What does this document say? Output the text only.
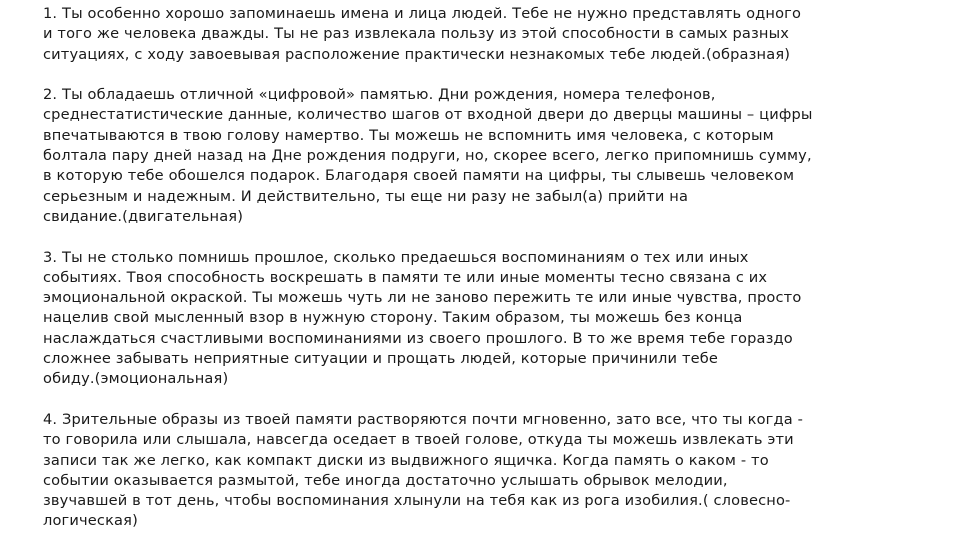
1. Ты особенно хорошо запоминаешь имена и лица людей. Тебе не нужно представлять одного
и того же человека дважды. Ты не раз извлекала пользу из этой способности в самых разных
ситуациях, с ходу завоевывая расположение практически незнакомых тебе людей.(образная)
2. Ты обладаешь отличной «цифровой» памятью. Дни рождения, номера телефонов,
среднестатистические данные, количество шагов от входной двери до дверцы машины – цифры
впечатываются в твою голову намертво. Ты можешь не вспомнить имя человека, с которым
болтала пару дней назад на Дне рождения подруги, но, скорее всего, легко припомнишь сумму,
в которую тебе обошелся подарок. Благодаря своей памяти на цифры, ты слывешь человеком
серьезным и надежным. И действительно, ты еще ни разу не забыл(а) прийти на
свидание.(двигательная)
3. Ты не столько помнишь прошлое, сколько предаешься воспоминаниям о тех или иных
событиях. Твоя способность воскрешать в памяти те или иные моменты тесно связана с их
эмоциональной окраской. Ты можешь чуть ли не заново пережить те или иные чувства, просто
нацелив свой мысленный взор в нужную сторону. Таким образом, ты можешь без конца
наслаждаться счастливыми воспоминаниями из своего прошлого. В то же время тебе гораздо
сложнее забывать неприятные ситуации и прощать людей, которые причинили тебе
обиду.(эмоциональная)
4. Зрительные образы из твоей памяти растворяются почти мгновенно, зато все, что ты когда -
то говорила или слышала, навсегда оседает в твоей голове, откуда ты можешь извлекать эти
записи так же легко, как компакт диски из выдвижного ящичка. Когда память о каком - то
событии оказывается размытой, тебе иногда достаточно услышать обрывок мелодии,
звучавшей в тот день, чтобы воспоминания хлынули на тебя как из рога изобилия.( словесно-
логическая)
